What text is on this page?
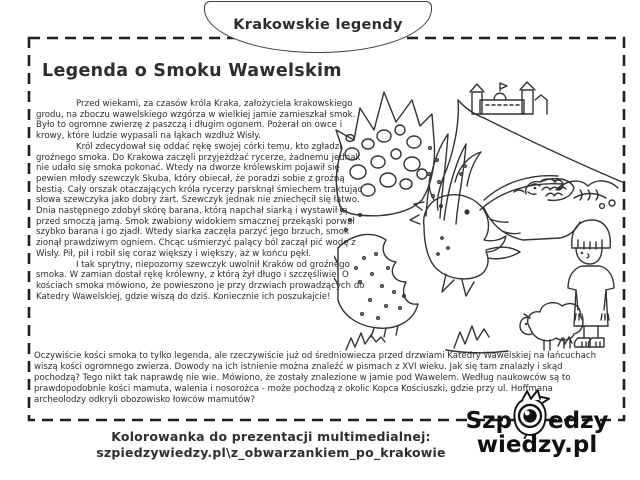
Krakowskie legendy
Legenda o Smoku Wawelskim

Przed wiekami, za czasów króla Kraka, założyciela krakowskiego grodu, na zboczu wawelskiego wzgórza w wielkiej jamie zamieszkał smok. Było to ogromne zwierzę z paszczą i długim ogonem. Pożerał on owce i krowy, które ludzie wypasali na łąkach wzdłuż Wisły.

Król zdecydował się oddać rękę swojej córki temu, kto zgładzi groźnego smoka. Do Krakowa zaczęli przyjeżdżać rycerze, żadnemu jednak nie udało się smoka pokonać. Wtedy na dworze królewskim pojawił się pewien młody szewczyk Skuba, który obiecał, że poradzi sobie z groźną bestią. Cały orszak otaczających króla rycerzy parsknął śmiechem traktując słowa szewczyka jako dobry żart. Szewczyk jednak nie zniechęcił się łatwo. Dnia następnego zdobył skórę barana, którą napchał siarką i wystawił ją przed smoczą jamą. Smok zwabiony widokiem smacznej przekąski porwał szybko barana i go zjadł. Wtedy siarka zaczęła parzyć jego brzuch, smok zionął prawdziwym ogniem. Chcąc uśmierzyć palący ból zaczął pić wodę z Wisły. Pił, pił i robił się coraz większy i większy, aż w końcu pękł.

I tak sprytny, niepozorny szewczyk uwolnił Kraków od groźnego smoka. W zamian dostał rękę królewny, z którą żył długo i szczęśliwie. O kościach smoka mówiono, że powieszono je przy drzwiach prowadzących do Katedry Wawelskiej, gdzie wiszą do dziś. Koniecznie ich poszukajcie!

Oczywiście kości smoka to tylko legenda, ale rzeczywiście już od średniowiecza przed drzwiami Katedry Wawelskiej na łańcuchach wiszą kości ogromnego zwierza. Dowody na ich istnienie można znaleźć w pismach z XVI wieku. Jak się tam znalazły i skąd pochodzą? Tego nikt tak naprawdę nie wie. Mówiono, że zostały znalezione w jamie pod Wawelem. Według naukowców są to prawdopodobnie kości mamuta, walenia i nosorożca - może pochodzą z okolic Kopca Kościuszki, gdzie przy ul. Hoffmana archeolodzy odkryli obozowisko łowców mamutów?

Kolorowanka do prezentacji multimedialnej:
szpiedzywiedzy.pl\z_obwarzankiem_po_krakowie
Szp edzy
wiedzy.pl
